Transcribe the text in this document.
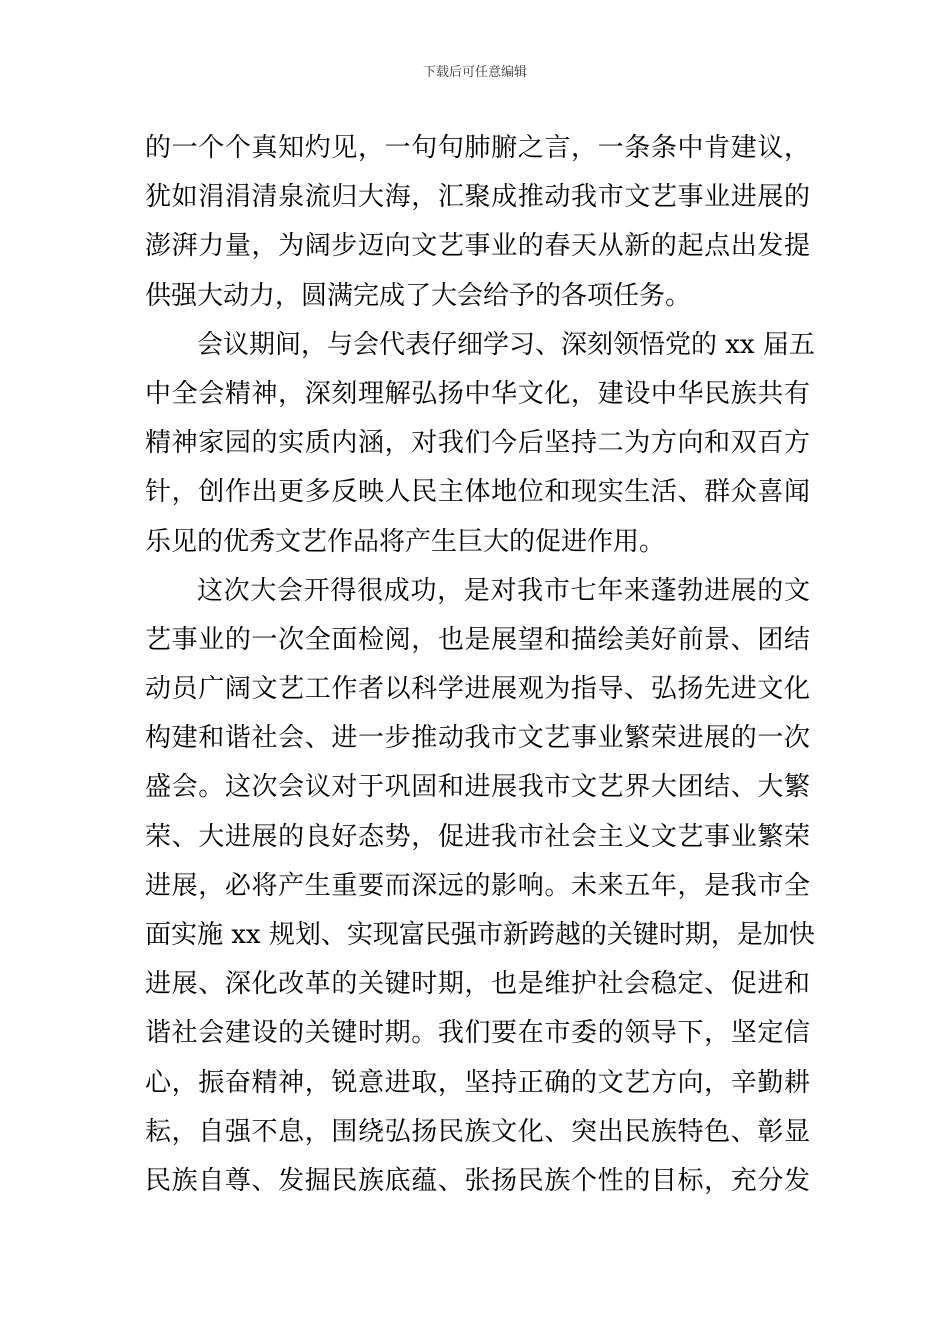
下载后可任意编辑
的一个个真知灼见，一句句肺腑之言，一条条中肯建议，
犹如涓涓清泉流归大海，汇聚成推动我市文艺事业进展的
澎湃力量，为阔步迈向文艺事业的春天从新的起点出发提
供强大动力，圆满完成了大会给予的各项任务。
会议期间，与会代表仔细学习、深刻领悟党的 xx 届五
中全会精神，深刻理解弘扬中华文化，建设中华民族共有
精神家园的实质内涵，对我们今后坚持二为方向和双百方
针，创作出更多反映人民主体地位和现实生活、群众喜闻
乐见的优秀文艺作品将产生巨大的促进作用。
这次大会开得很成功，是对我市七年来蓬勃进展的文
艺事业的一次全面检阅，也是展望和描绘美好前景、团结
动员广阔文艺工作者以科学进展观为指导、弘扬先进文化
构建和谐社会、进一步推动我市文艺事业繁荣进展的一次
盛会。这次会议对于巩固和进展我市文艺界大团结、大繁
荣、大进展的良好态势，促进我市社会主义文艺事业繁荣
进展，必将产生重要而深远的影响。未来五年，是我市全
面实施 xx 规划、实现富民强市新跨越的关键时期，是加快
进展、深化改革的关键时期，也是维护社会稳定、促进和
谐社会建设的关键时期。我们要在市委的领导下，坚定信
心，振奋精神，锐意进取，坚持正确的文艺方向，辛勤耕
耘，自强不息，围绕弘扬民族文化、突出民族特色、彰显
民族自尊、发掘民族底蕴、张扬民族个性的目标，充分发
